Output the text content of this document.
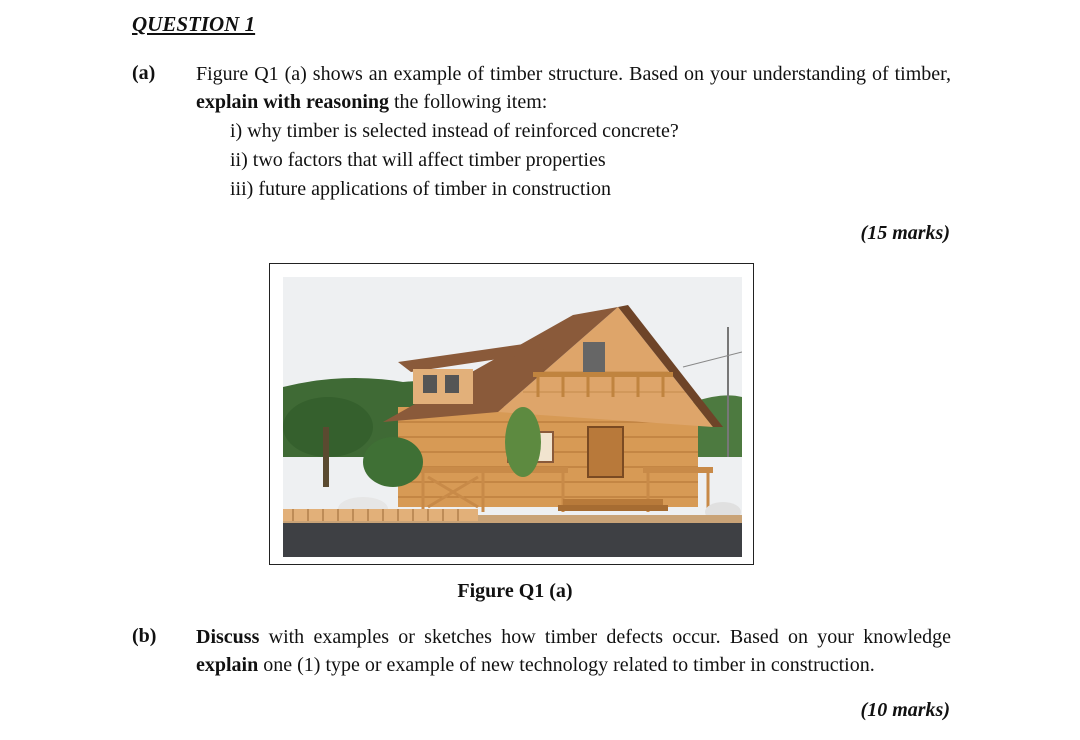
QUESTION 1
(a) Figure Q1 (a) shows an example of timber structure. Based on your understanding of timber, explain with reasoning the following item:
i) why timber is selected instead of reinforced concrete?
ii) two factors that will affect timber properties
iii) future applications of timber in construction
(15 marks)
Figure Q1 (a)
(b) Discuss with examples or sketches how timber defects occur. Based on your knowledge explain one (1) type or example of new technology related to timber in construction.
(10 marks)
